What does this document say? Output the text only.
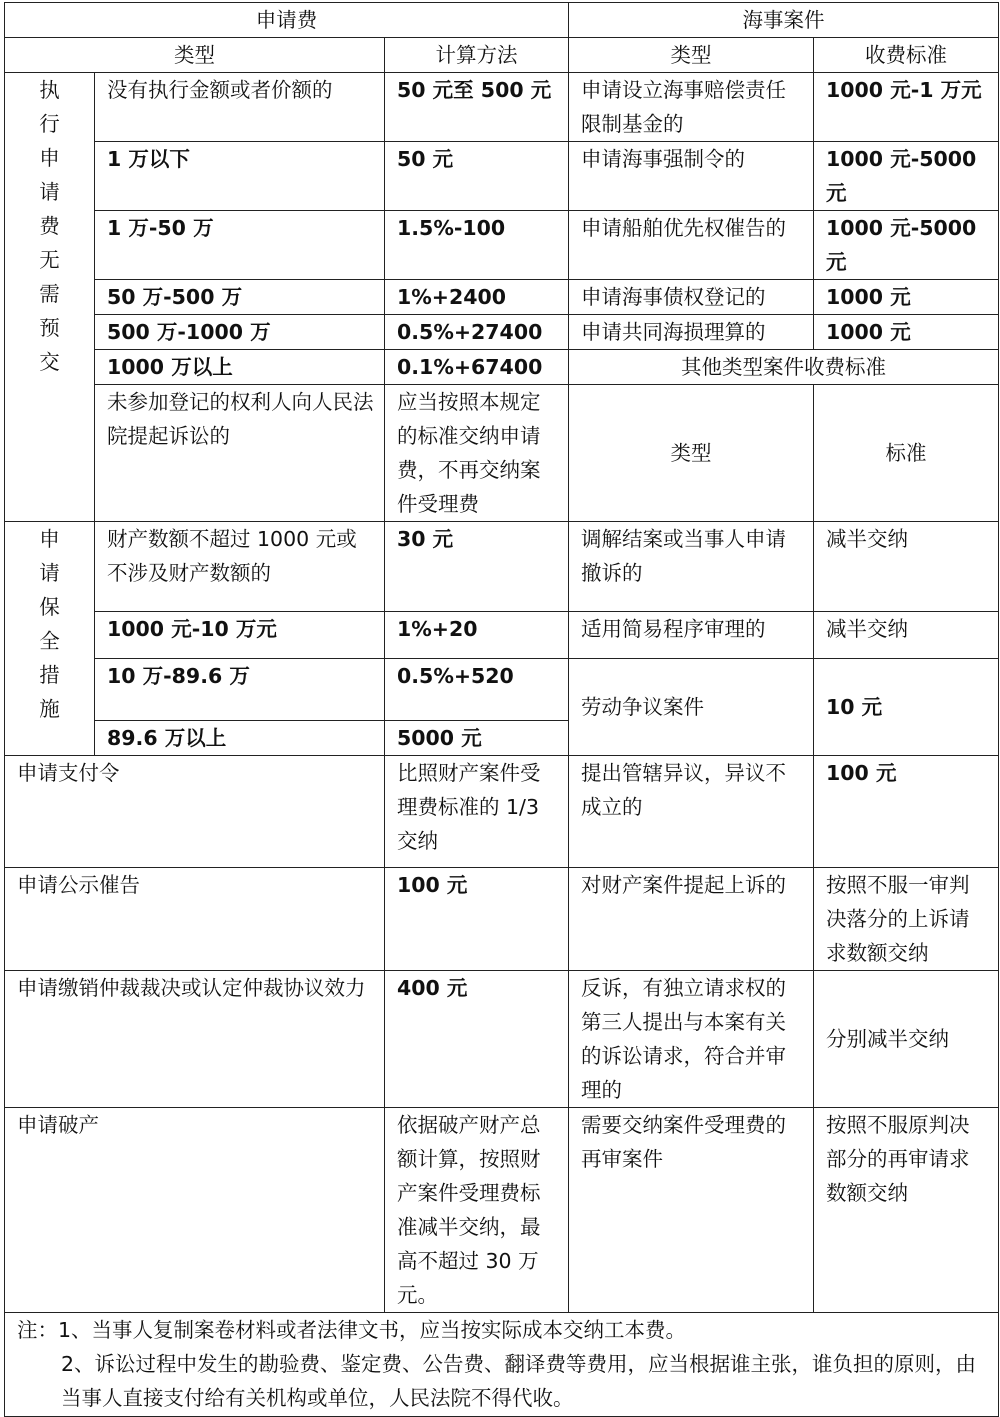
申请费			海事案件	
类型		计算方法	类型	收费标准

执行申请费无需预交	没有执行金额或者价额的	50 元至 500 元	申请设立海事赔偿责任限制基金的	1000 元-1 万元
	1 万以下	50 元	申请海事强制令的	1000 元-5000 元
	1 万-50 万	1.5%-100	申请船舶优先权催告的	1000 元-5000 元
	50 万-500 万	1%+2400	申请海事债权登记的	1000 元
	500 万-1000 万	0.5%+27400	申请共同海损理算的	1000 元
	1000 万以上	0.1%+67400	其他类型案件收费标准	
	未参加登记的权利人向人民法院提起诉讼的	应当按照本规定的标准交纳申请费，不再交纳案件受理费	类型	标准

申请保全措施	财产数额不超过 1000 元或不涉及财产数额的	30 元	调解结案或当事人申请撤诉的	减半交纳
	1000 元-10 万元	1%+20	适用简易程序审理的	减半交纳
	10 万-89.6 万	0.5%+520	劳动争议案件	10 元
	89.6 万以上	5000 元		
申请支付令		比照财产案件受理费标准的 1/3 交纳	提出管辖异议，异议不成立的	100 元
申请公示催告		100 元	对财产案件提起上诉的	按照不服一审判决落分的上诉请求数额交纳
申请缴销仲裁裁决或认定仲裁协议效力		400 元	反诉，有独立请求权的第三人提出与本案有关的诉讼请求，符合并审理的	分别减半交纳
申请破产		依据破产财产总额计算，按照财产案件受理费标准减半交纳，最高不超过 30 万元。	需要交纳案件受理费的再审案件	按照不服原判决部分的再审请求数额交纳

注：1、当事人复制案卷材料或者法律文书，应当按实际成本交纳工本费。
2、诉讼过程中发生的勘验费、鉴定费、公告费、翻译费等费用，应当根据谁主张，谁负担的原则，由当事人直接支付给有关机构或单位，人民法院不得代收。				
